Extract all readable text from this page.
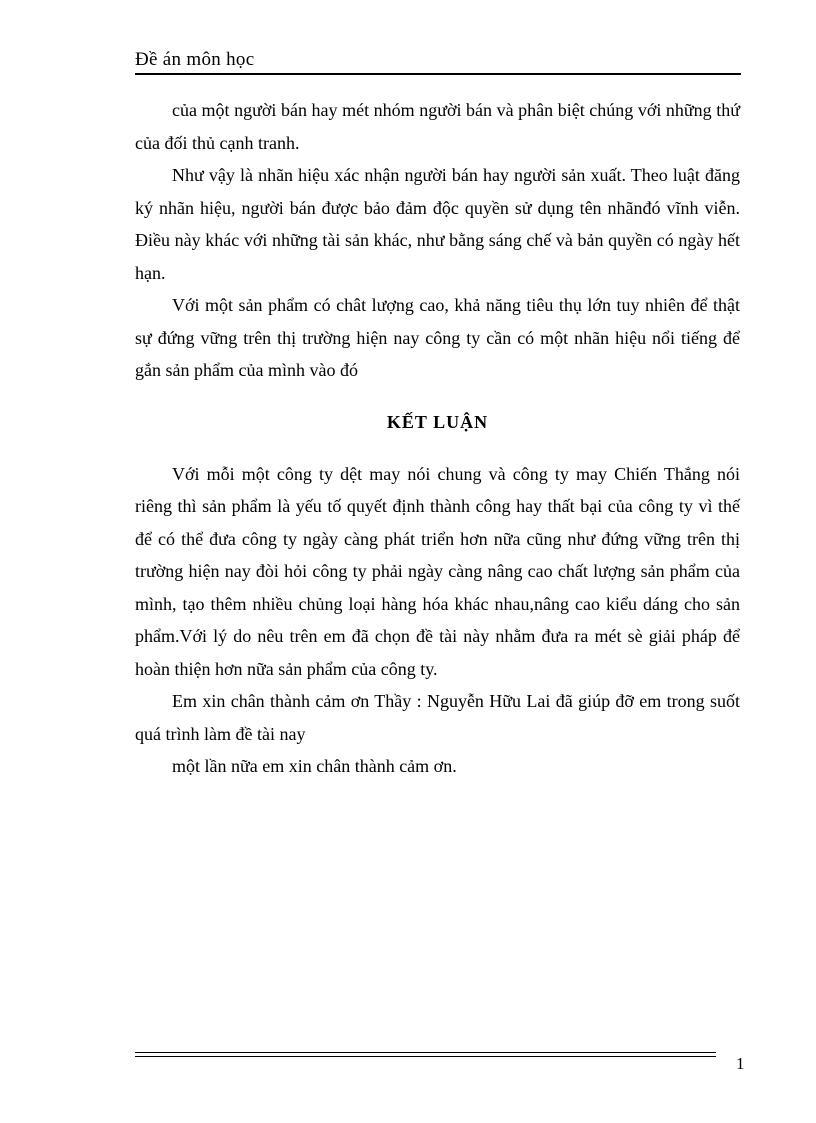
Đề án môn học

của một người bán hay mét nhóm người bán và phân biệt chúng với những thứ của đối thủ cạnh tranh.

Như vậy là nhãn hiệu xác nhận người bán hay người sản xuất. Theo luật đăng ký nhãn hiệu, người bán được bảo đảm độc quyền sử dụng tên nhãnđó vĩnh viễn. Điều này khác với những tài sản khác, như bằng sáng chế và bản quyền có ngày hết hạn.

Với một sản phẩm có chât lượng cao, khả năng tiêu thụ lớn tuy nhiên để thật sự đứng vững trên thị trường hiện nay công ty cần có một nhãn hiệu nổi tiếng để gắn sản phẩm của mình vào đó

KẾT LUẬN

Với mỗi một công ty dệt may nói chung và công ty may Chiến Thắng nói riêng thì sản phẩm là yếu tố quyết định thành công hay thất bại của công ty vì thế để có thể đưa công ty ngày càng phát triển hơn nữa cũng như đứng vững trên thị trường hiện nay đòi hỏi công ty phải ngày càng nâng cao chất lượng sản phẩm của mình, tạo thêm nhiều chủng loại hàng hóa khác nhau,nâng cao kiểu dáng cho sản phẩm.Với lý do nêu trên em đã chọn đề tài này nhằm đưa ra mét sè giải pháp để hoàn thiện hơn nữa sản phẩm của công ty.

Em xin chân thành cảm ơn Thầy : Nguyễn Hữu Lai đã giúp đỡ em trong suốt quá trình làm đề tài nay

một lần nữa em xin chân thành cảm ơn.

1
